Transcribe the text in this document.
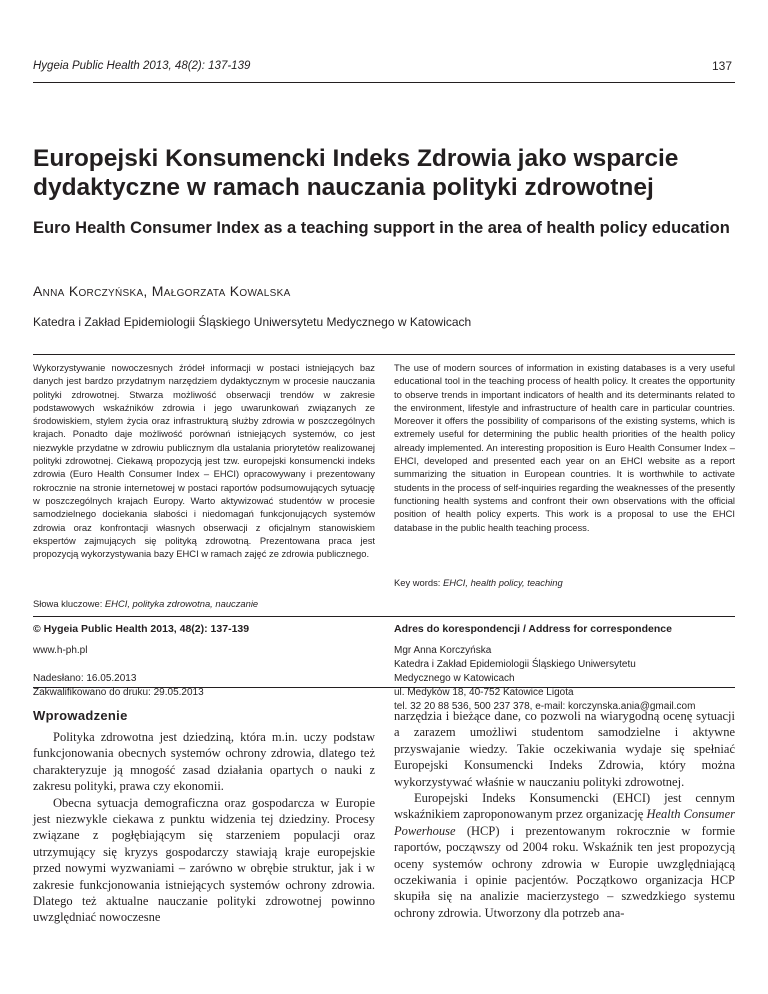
Hygeia Public Health 2013, 48(2): 137-139	137
Europejski Konsumencki Indeks Zdrowia jako wsparcie dydaktyczne w ramach nauczania polityki zdrowotnej
Euro Health Consumer Index as a teaching support in the area of health policy education
Anna Korczyńska, Małgorzata Kowalska
Katedra i Zakład Epidemiologii Śląskiego Uniwersytetu Medycznego w Katowicach

Wykorzystywanie nowoczesnych źródeł informacji w postaci istniejących baz danych jest bardzo przydatnym narzędziem dydaktycznym w procesie nauczania polityki zdrowotnej. Stwarza możliwość obserwacji trendów w zakresie podstawowych wskaźników zdrowia i jego uwarunkowań związanych ze środowiskiem, stylem życia oraz infrastrukturą służby zdrowia w poszczególnych krajach. Ponadto daje możliwość porównań istniejących systemów, co jest niezwykle przydatne w zdrowiu publicznym dla ustalania priorytetów realizowanej polityki zdrowotnej. Ciekawą propozycją jest tzw. europejski konsumencki indeks zdrowia (Euro Health Consumer Index – EHCI) opracowywany i prezentowany rokrocznie na stronie internetowej w postaci raportów podsumowujących sytuację w poszczególnych krajach Europy. Warto aktywizować studentów w procesie samodzielnego dociekania słabości i niedomagań funkcjonujących systemów zdrowia oraz konfrontacji własnych obserwacji z oficjalnym stanowiskiem ekspertów zajmujących się polityką zdrowotną. Prezentowana praca jest propozycją wykorzystywania bazy EHCI w ramach zajęć ze zdrowia publicznego.

The use of modern sources of information in existing databases is a very useful educational tool in the teaching process of health policy. It creates the opportunity to observe trends in important indicators of health and its determinants related to the environment, lifestyle and infrastructure of health care in particular countries. Moreover it offers the possibility of comparisons of the existing systems, which is extremely useful for determining the public health priorities of the health policy already implemented. An interesting proposition is Euro Health Consumer Index – EHCI, developed and presented each year on an EHCI website as a report summarizing the situation in European countries. It is worthwhile to activate students in the process of self-inquiries regarding the weaknesses of the presently functioning health systems and confront their own observations with the official position of health policy experts. This work is a proposal to use the EHCI database in the public health teaching process.

Key words: EHCI, health policy, teaching
Słowa kluczowe: EHCI, polityka zdrowotna, nauczanie
© Hygeia Public Health 2013, 48(2): 137-139
www.h-ph.pl
Nadesłano: 16.05.2013
Zakwalifikowano do druku: 29.05.2013
Adres do korespondencji / Address for correspondence
Mgr Anna Korczyńska
Katedra i Zakład Epidemiologii Śląskiego Uniwersytetu
Medycznego w Katowicach
ul. Medyków 18, 40-752 Katowice Ligota
tel. 32 20 88 536, 500 237 378, e-mail: korczynska.ania@gmail.com
Wprowadzenie

Polityka zdrowotna jest dziedziną, która m.in. uczy podstaw funkcjonowania obecnych systemów ochrony zdrowia, dlatego też charakteryzuje ją mnogość zasad działania opartych o nauki z zakresu polityki, prawa czy ekonomii.

Obecna sytuacja demograficzna oraz gospodarcza w Europie jest niezwykle ciekawa z punktu widzenia tej dziedziny. Procesy związane z pogłębiającym się starzeniem populacji oraz utrzymujący się kryzys gospodarczy stawiają kraje europejskie przed nowymi wyzwaniami – zarówno w obrębie struktur, jak i w zakresie funkcjonowania istniejących systemów ochrony zdrowia. Dlatego też aktualne nauczanie polityki zdrowotnej powinno uwzględniać nowoczesne

narzędzia i bieżące dane, co pozwoli na wiarygodną ocenę sytuacji a zarazem umożliwi studentom samodzielne i aktywne przyswajanie wiedzy. Takie oczekiwania wydaje się spełniać Europejski Konsumencki Indeks Zdrowia, który można wykorzystywać właśnie w nauczaniu polityki zdrowotnej.

Europejski Indeks Konsumencki (EHCI) jest cennym wskaźnikiem zaproponowanym przez organizację Health Consumer Powerhouse (HCP) i prezentowanym rokrocznie w formie raportów, począwszy od 2004 roku. Wskaźnik ten jest propozycją oceny systemów ochrony zdrowia w Europie uwzględniającą oczekiwania i opinie pacjentów. Początkowo organizacja HCP skupiła się na analizie macierzystego – szwedzkiego systemu ochrony zdrowia. Utworzony dla potrzeb ana-
